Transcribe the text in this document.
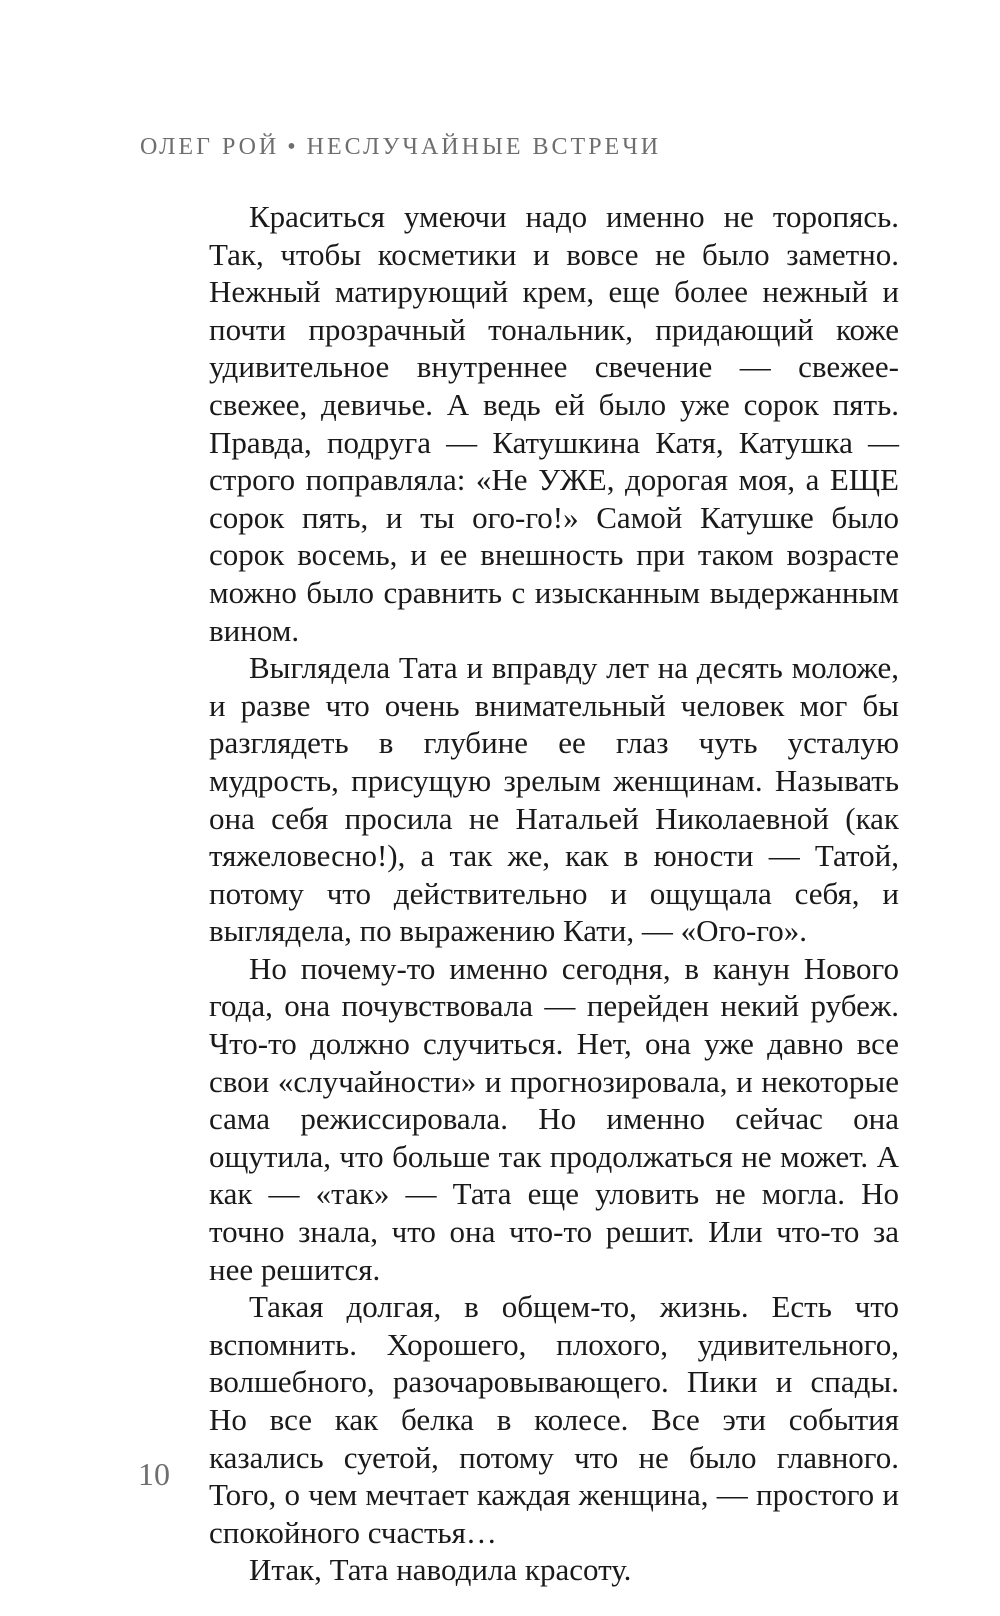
ОЛЕГ РОЙ • НЕСЛУЧАЙНЫЕ ВСТРЕЧИ

Краситься умеючи надо именно не торопясь. Так, чтобы косметики и вовсе не было заметно. Нежный матирующий крем, еще более нежный и почти прозрачный тональник, придающий коже удивительное внутреннее свечение — свежее-свежее, девичье. А ведь ей было уже сорок пять. Правда, подруга — Катушкина Катя, Катушка — строго поправляла: «Не УЖЕ, дорогая моя, а ЕЩЕ сорок пять, и ты ого-го!» Самой Катушке было сорок восемь, и ее внешность при таком возрасте можно было сравнить с изысканным выдержанным вином.

Выглядела Тата и вправду лет на десять моложе, и разве что очень внимательный человек мог бы разглядеть в глубине ее глаз чуть усталую мудрость, присущую зрелым женщинам. Называть она себя просила не Натальей Николаевной (как тяжеловесно!), а так же, как в юности — Татой, потому что действительно и ощущала себя, и выглядела, по выражению Кати, — «Ого-го».

Но почему-то именно сегодня, в канун Нового года, она почувствовала — перейден некий рубеж. Что-то должно случиться. Нет, она уже давно все свои «случайности» и прогнозировала, и некоторые сама режиссировала. Но именно сейчас она ощутила, что больше так продолжаться не может. А как — «так» — Тата еще уловить не могла. Но точно знала, что она что-то решит. Или что-то за нее решится.

Такая долгая, в общем-то, жизнь. Есть что вспомнить. Хорошего, плохого, удивительного, волшебного, разочаровывающего. Пики и спады. Но все как белка в колесе. Все эти события казались суетой, потому что не было главного. Того, о чем мечтает каждая женщина, — простого и спокойного счастья…

Итак, Тата наводила красоту.

10
